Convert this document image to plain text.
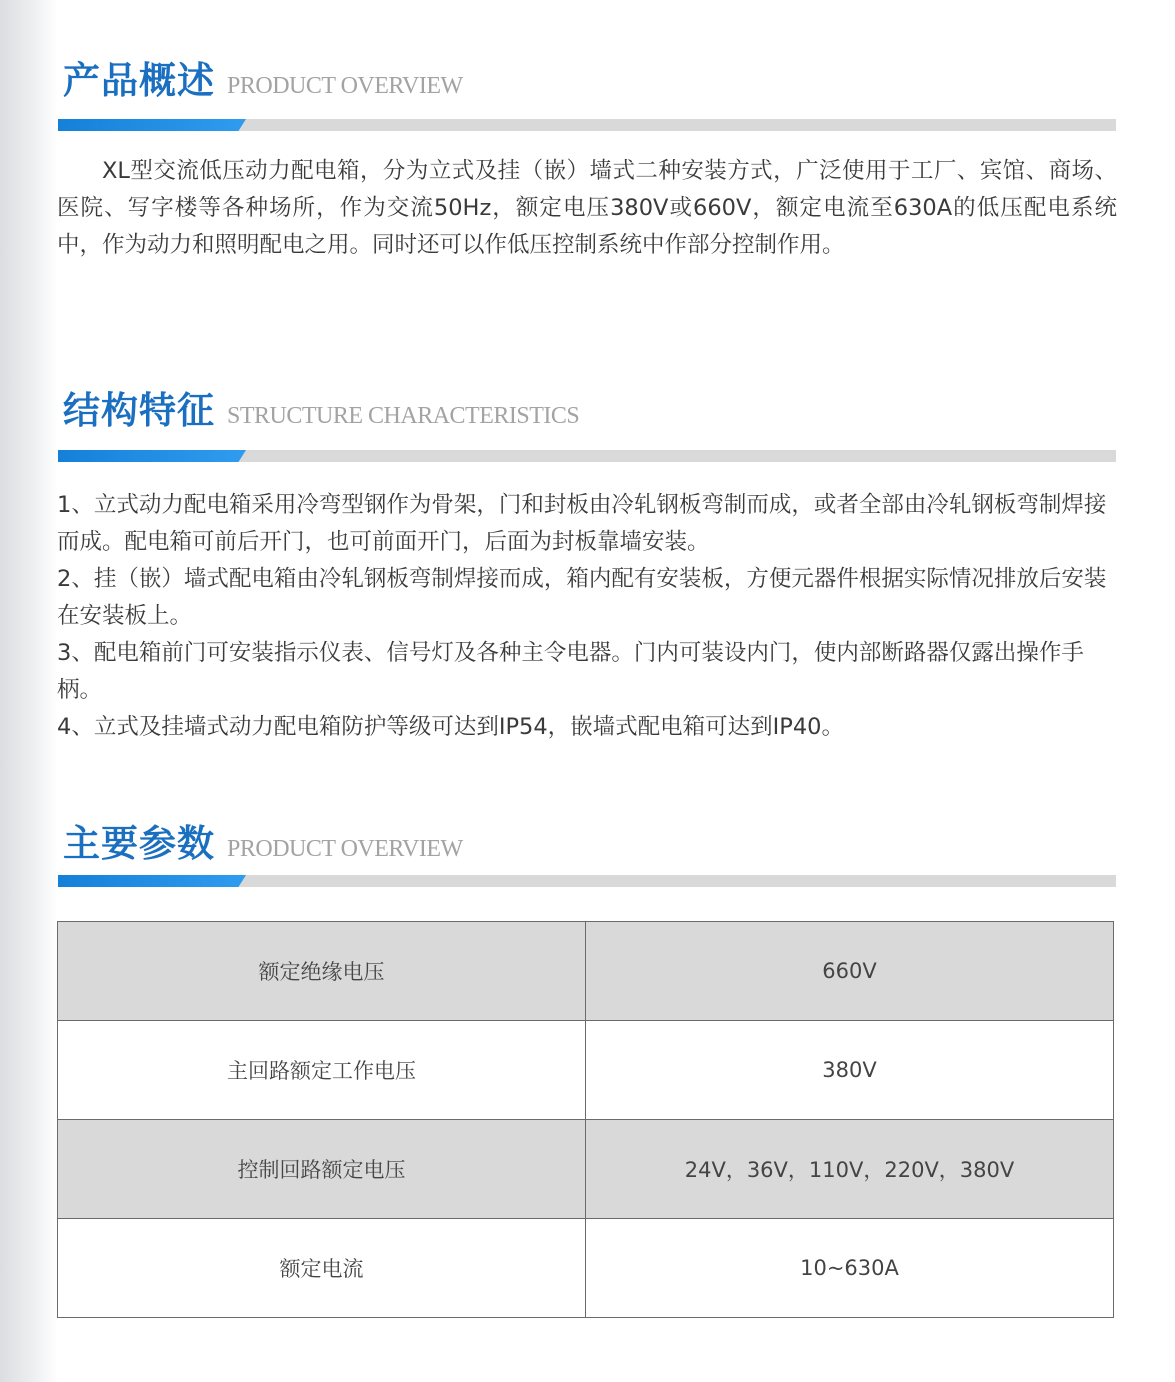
产品概述 PRODUCT OVERVIEW

XL型交流低压动力配电箱，分为立式及挂（嵌）墙式二种安装方式，广泛使用于工厂、宾馆、商场、医院、写字楼等各种场所，作为交流50Hz，额定电压380V或660V，额定电流至630A的低压配电系统中，作为动力和照明配电之用。同时还可以作低压控制系统中作部分控制作用。

结构特征 STRUCTURE CHARACTERISTICS
1、立式动力配电箱采用冷弯型钢作为骨架，门和封板由冷轧钢板弯制而成，或者全部由冷轧钢板弯制焊接而成。配电箱可前后开门，也可前面开门，后面为封板靠墙安装。
2、挂（嵌）墙式配电箱由冷轧钢板弯制焊接而成，箱内配有安装板，方便元器件根据实际情况排放后安装在安装板上。
3、配电箱前门可安装指示仪表、信号灯及各种主令电器。门内可装设内门，使内部断路器仅露出操作手柄。
4、立式及挂墙式动力配电箱防护等级可达到IP54，嵌墙式配电箱可达到IP40。
主要参数 PRODUCT OVERVIEW
额定绝缘电压	660V
主回路额定工作电压	380V
控制回路额定电压	24V，36V，110V，220V，380V
额定电流	10~630A
